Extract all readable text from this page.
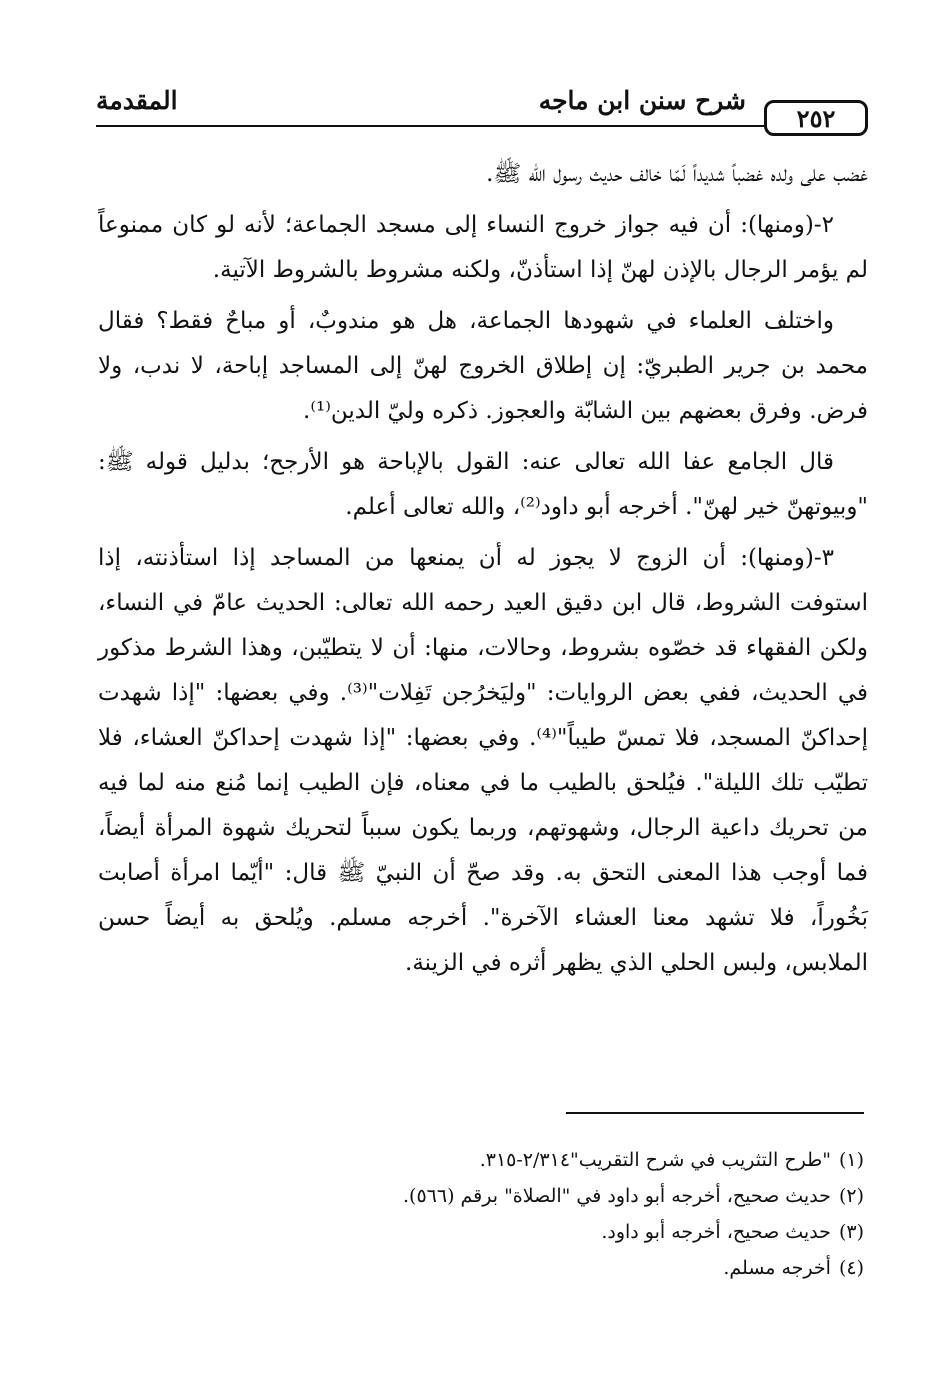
٢٥٢
شرح سنن ابن ماجه
المقدمة

غضب على ولده غضباً شديداً لَمّا خالف حديث رسول الله ﷺ.

٢-(ومنها): أن فيه جواز خروج النساء إلى مسجد الجماعة؛ لأنه لو كان ممنوعاً لم يؤمر الرجال بالإذن لهنّ إذا استأذنّ، ولكنه مشروط بالشروط الآتية.

واختلف العلماء في شهودها الجماعة، هل هو مندوبٌ، أو مباحٌ فقط؟ فقال محمد بن جرير الطبريّ: إن إطلاق الخروج لهنّ إلى المساجد إباحة، لا ندب، ولا فرض. وفرق بعضهم بين الشابّة والعجوز. ذكره وليّ الدين⁽¹⁾.

قال الجامع عفا الله تعالى عنه: القول بالإباحة هو الأرجح؛ بدليل قوله ﷺ: "وبيوتهنّ خير لهنّ". أخرجه أبو داود⁽²⁾، والله تعالى أعلم.

٣-(ومنها): أن الزوج لا يجوز له أن يمنعها من المساجد إذا استأذنته، إذا استوفت الشروط، قال ابن دقيق العيد رحمه الله تعالى: الحديث عامّ في النساء، ولكن الفقهاء قد خصّوه بشروط، وحالات، منها: أن لا يتطيّبن، وهذا الشرط مذكور في الحديث، ففي بعض الروايات: "وليَخرُجن تَفِلات"⁽³⁾. وفي بعضها: "إذا شهدت إحداكنّ المسجد، فلا تمسّ طيباً"⁽⁴⁾. وفي بعضها: "إذا شهدت إحداكنّ العشاء، فلا تطيّب تلك الليلة". فيُلحق بالطيب ما في معناه، فإن الطيب إنما مُنع منه لما فيه من تحريك داعية الرجال، وشهوتهم، وربما يكون سبباً لتحريك شهوة المرأة أيضاً، فما أوجب هذا المعنى التحق به. وقد صحّ أن النبيّ ﷺ قال: "أيّما امرأة أصابت بَخُوراً، فلا تشهد معنا العشاء الآخرة". أخرجه مسلم. ويُلحق به أيضاً حسن الملابس، ولبس الحلي الذي يظهر أثره في الزينة.

(١)"طرح التثريب في شرح التقريب"٢/٣١٤-٣١٥.

(٢)حديث صحيح، أخرجه أبو داود في "الصلاة" برقم (٥٦٦).

(٣)حديث صحيح، أخرجه أبو داود.

(٤)أخرجه مسلم.
